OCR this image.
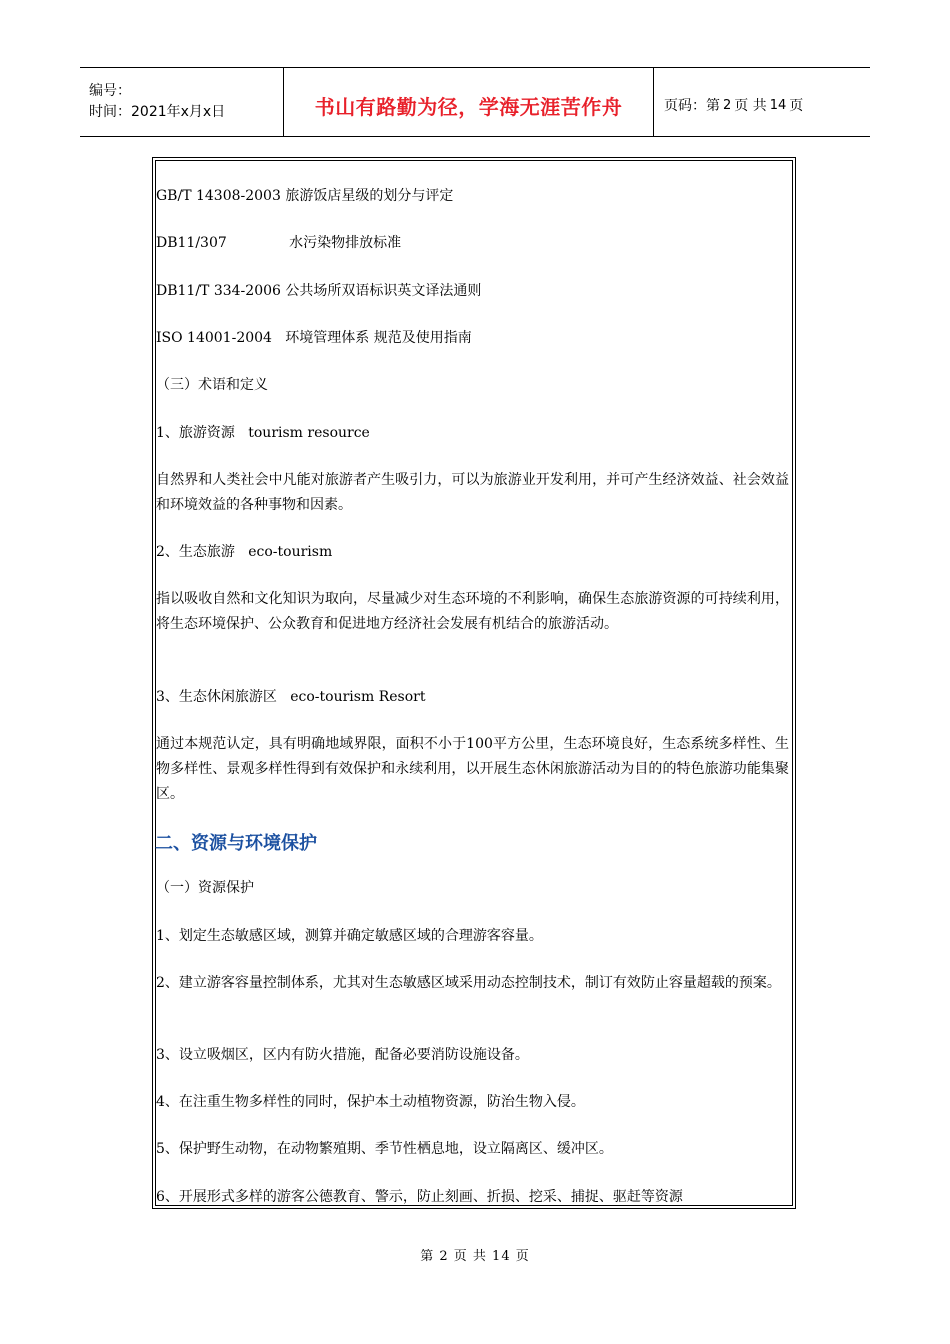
编号：
时间：2021年x月x日	书山有路勤为径，学海无涯苦作舟	页码：第 2 页 共 14 页
GB/T 14308-2003 旅游饭店星级的划分与评定
DB11/307              水污染物排放标准
DB11/T 334-2006 公共场所双语标识英文译法通则
ISO 14001-2004   环境管理体系 规范及使用指南
（三）术语和定义
1、旅游资源   tourism resource
自然界和人类社会中凡能对旅游者产生吸引力，可以为旅游业开发利用，并可产生经济效益、社会效益和环境效益的各种事物和因素。
2、生态旅游   eco-tourism
指以吸收自然和文化知识为取向，尽量减少对生态环境的不利影响，确保生态旅游资源的可持续利用，将生态环境保护、公众教育和促进地方经济社会发展有机结合的旅游活动。
3、生态休闲旅游区   eco-tourism Resort
通过本规范认定，具有明确地域界限，面积不小于100平方公里，生态环境良好，生态系统多样性、生物多样性、景观多样性得到有效保护和永续利用，以开展生态休闲旅游活动为目的的特色旅游功能集聚区。
二、资源与环境保护
（一）资源保护
1、划定生态敏感区域，测算并确定敏感区域的合理游客容量。
2、建立游客容量控制体系，尤其对生态敏感区域采用动态控制技术，制订有效防止容量超载的预案。
3、设立吸烟区，区内有防火措施，配备必要消防设施设备。
4、在注重生物多样性的同时，保护本土动植物资源，防治生物入侵。
5、保护野生动物，在动物繁殖期、季节性栖息地，设立隔离区、缓冲区。
6、开展形式多样的游客公德教育、警示，防止刻画、折损、挖采、捕捉、驱赶等资源
第 2 页 共 14 页
